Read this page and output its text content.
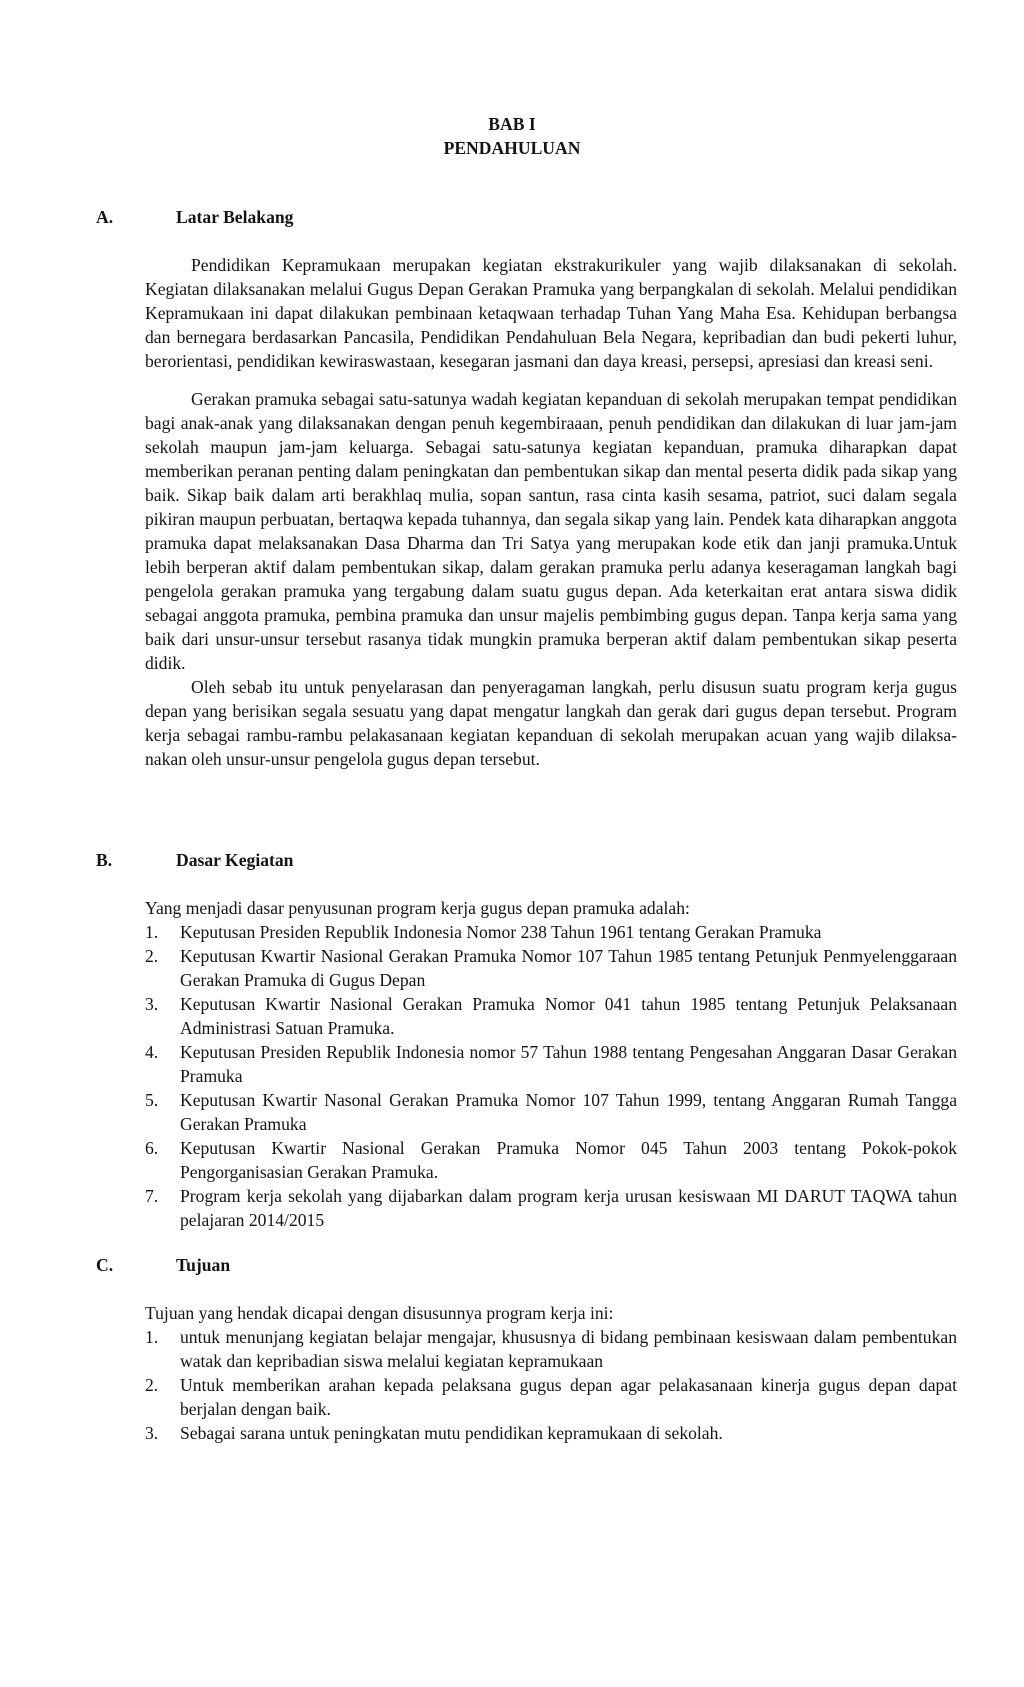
BAB I
PENDAHULUAN
A.	Latar Belakang

Pendidikan Kepramukaan merupakan kegiatan ekstrakurikuler yang wajib dilaksanakan di sekolah. Kegiatan dilaksanakan melalui Gugus Depan Gerakan Pramuka yang berpangkalan di sekolah. Melalui pendidikan Kepramukaan ini dapat dilakukan pembinaan ketaqwaan terhadap Tuhan Yang Maha Esa. Kehidupan berbangsa dan bernegara berdasarkan Pancasila, Pendidikan Pendahuluan Bela Negara, kepribadian dan budi pekerti luhur, berorientasi, pendidikan kewiraswastaan, kesegaran jasmani dan daya kreasi, persepsi, apresiasi dan kreasi seni.

Gerakan pramuka sebagai satu-satunya wadah kegiatan kepanduan di sekolah merupakan tempat pendidikan bagi anak-anak yang dilaksanakan dengan penuh kegembiraaan, penuh pendidikan dan dilakukan di luar jam-jam sekolah maupun jam-jam keluarga. Sebagai satu-satunya kegiatan kepanduan, pramuka diharapkan dapat memberikan peranan penting dalam peningkatan dan pembentukan sikap dan mental peserta didik pada sikap yang baik. Sikap baik dalam arti berakhlaq mulia, sopan santun, rasa cinta kasih sesama, patriot, suci dalam segala pikiran maupun perbuatan, bertaqwa kepada tuhannya, dan segala sikap yang lain. Pendek kata diharapkan anggota pramuka dapat melaksanakan Dasa Dharma dan Tri Satya yang merupakan kode etik dan janji pramuka.Untuk lebih berperan aktif dalam pembentukan sikap, dalam gerakan pramuka perlu adanya keseragaman langkah bagi pengelola gerakan pramuka yang tergabung dalam suatu gugus depan. Ada keterkaitan erat antara siswa didik sebagai anggota pramuka, pembina pramuka dan unsur majelis pembimbing gugus depan. Tanpa kerja sama yang baik dari unsur-unsur tersebut rasanya tidak mungkin pramuka berperan aktif dalam pembentukan sikap peserta didik.

Oleh sebab itu untuk penyelarasan dan penyeragaman langkah, perlu disusun suatu program kerja gugus depan yang berisikan segala sesuatu yang dapat mengatur langkah dan gerak dari gugus depan tersebut. Program kerja sebagai rambu-rambu pelakasanaan kegiatan kepanduan di sekolah merupakan acuan yang wajib dilaksa-nakan oleh unsur-unsur pengelola gugus depan tersebut.

B.	Dasar Kegiatan

Yang menjadi dasar penyusunan program kerja gugus depan pramuka adalah:

1. Keputusan Presiden Republik Indonesia Nomor 238 Tahun 1961 tentang Gerakan Pramuka
2. Keputusan Kwartir Nasional Gerakan Pramuka Nomor 107 Tahun 1985 tentang Petunjuk Penmyelenggaraan Gerakan Pramuka di Gugus Depan
3. Keputusan Kwartir Nasional Gerakan Pramuka Nomor 041 tahun 1985 tentang Petunjuk Pelaksanaan Administrasi Satuan Pramuka.
4. Keputusan Presiden Republik Indonesia nomor 57 Tahun 1988 tentang Pengesahan Anggaran Dasar Gerakan Pramuka
5. Keputusan Kwartir Nasonal Gerakan Pramuka Nomor 107 Tahun 1999, tentang Anggaran Rumah Tangga Gerakan Pramuka
6. Keputusan Kwartir Nasional Gerakan Pramuka Nomor 045 Tahun 2003 tentang Pokok-pokok Pengorganisasian Gerakan Pramuka.
7. Program kerja sekolah yang dijabarkan dalam program kerja urusan kesiswaan MI DARUT TAQWA tahun pelajaran 2014/2015
C.	Tujuan

Tujuan yang hendak dicapai dengan disusunnya program kerja ini:

1. untuk menunjang kegiatan belajar mengajar, khususnya di bidang pembinaan kesiswaan dalam pembentukan watak dan kepribadian siswa melalui kegiatan kepramukaan
2. Untuk memberikan arahan kepada pelaksana gugus depan agar pelakasanaan kinerja gugus depan dapat berjalan dengan baik.
3. Sebagai sarana untuk peningkatan mutu pendidikan kepramukaan di sekolah.
